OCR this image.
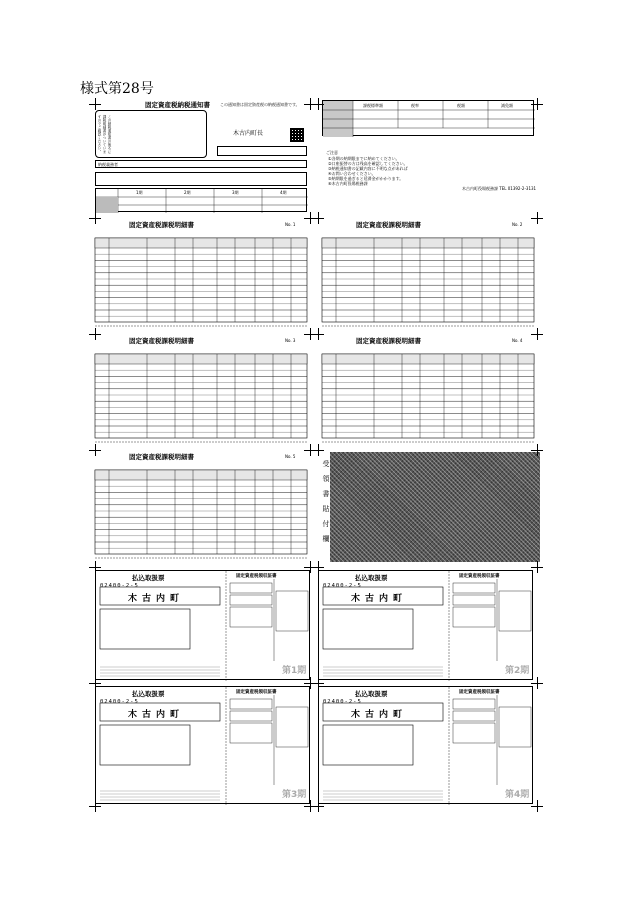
様式第28号
固定資産税納税通知書	この通知書は固定資産税の納税通知書です。
この納税通知書の後ろに課税明細書がついていますのでご確認ください。	木古内町長
納税義務者
1期	2期	3期	4期
課税標準額	税率	税額	減免額
ご注意
①各期の納期限までに納めてください。
②口座振替の方は残高を確認してください。
③納税通知書の記載内容に不明な点があれば
④お問い合わせください。
⑤納期限を過ぎると延滞金がかかります。
⑥木古内町役場税務課
木古内町役場税務課 TEL 01392-2-3131
固定資産税課税明細書	No. 1	固定資産税課税明細書	No. 2
固定資産税課税明細書	No. 3	固定資産税課税明細書	No. 4
固定資産税課税明細書	No. 5
受領書貼付欄
払込取扱票
02400-2-5
木古内町
固定資産税領収証書
第1期
払込取扱票
02400-2-5
木古内町
固定資産税領収証書
第2期
払込取扱票
02400-2-5
木古内町
固定資産税領収証書
第3期
払込取扱票
02400-2-5
木古内町
固定資産税領収証書
第4期
